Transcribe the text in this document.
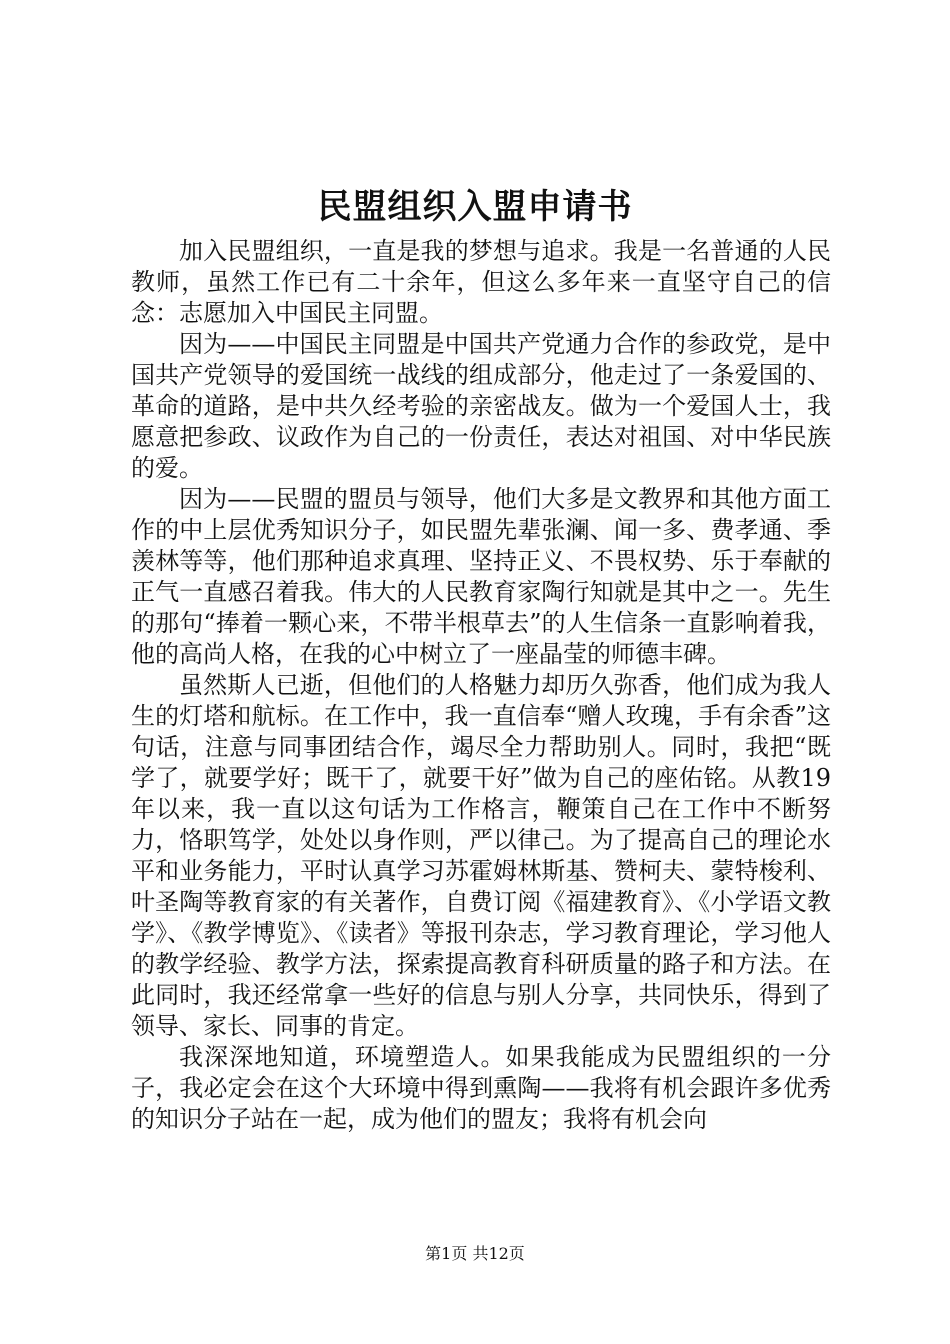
民盟组织入盟申请书

加入民盟组织，一直是我的梦想与追求。我是一名普通的人民教师，虽然工作已有二十余年，但这么多年来一直坚守自己的信念：志愿加入中国民主同盟。

因为——中国民主同盟是中国共产党通力合作的参政党，是中国共产党领导的爱国统一战线的组成部分，他走过了一条爱国的、革命的道路，是中共久经考验的亲密战友。做为一个爱国人士，我愿意把参政、议政作为自己的一份责任，表达对祖国、对中华民族的爱。

因为——民盟的盟员与领导，他们大多是文教界和其他方面工作的中上层优秀知识分子，如民盟先辈张澜、闻一多、费孝通、季羡林等等，他们那种追求真理、坚持正义、不畏权势、乐于奉献的正气一直感召着我。伟大的人民教育家陶行知就是其中之一。先生的那句“捧着一颗心来，不带半根草去”的人生信条一直影响着我，他的高尚人格，在我的心中树立了一座晶莹的师德丰碑。

虽然斯人已逝，但他们的人格魅力却历久弥香，他们成为我人生的灯塔和航标。在工作中，我一直信奉“赠人玫瑰，手有余香”这句话，注意与同事团结合作，竭尽全力帮助别人。同时，我把“既学了，就要学好；既干了，就要干好”做为自己的座佑铭。从教19年以来，我一直以这句话为工作格言，鞭策自己在工作中不断努力，恪职笃学，处处以身作则，严以律己。为了提高自己的理论水平和业务能力，平时认真学习苏霍姆林斯基、赞柯夫、蒙特梭利、叶圣陶等教育家的有关著作，自费订阅《福建教育》、《小学语文教学》、《教学博览》、《读者》等报刊杂志，学习教育理论，学习他人的教学经验、教学方法，探索提高教育科研质量的路子和方法。在此同时，我还经常拿一些好的信息与别人分享，共同快乐，得到了领导、家长、同事的肯定。

我深深地知道，环境塑造人。如果我能成为民盟组织的一分子，我必定会在这个大环境中得到熏陶——我将有机会跟许多优秀的知识分子站在一起，成为他们的盟友；我将有机会向

第1页 共12页
